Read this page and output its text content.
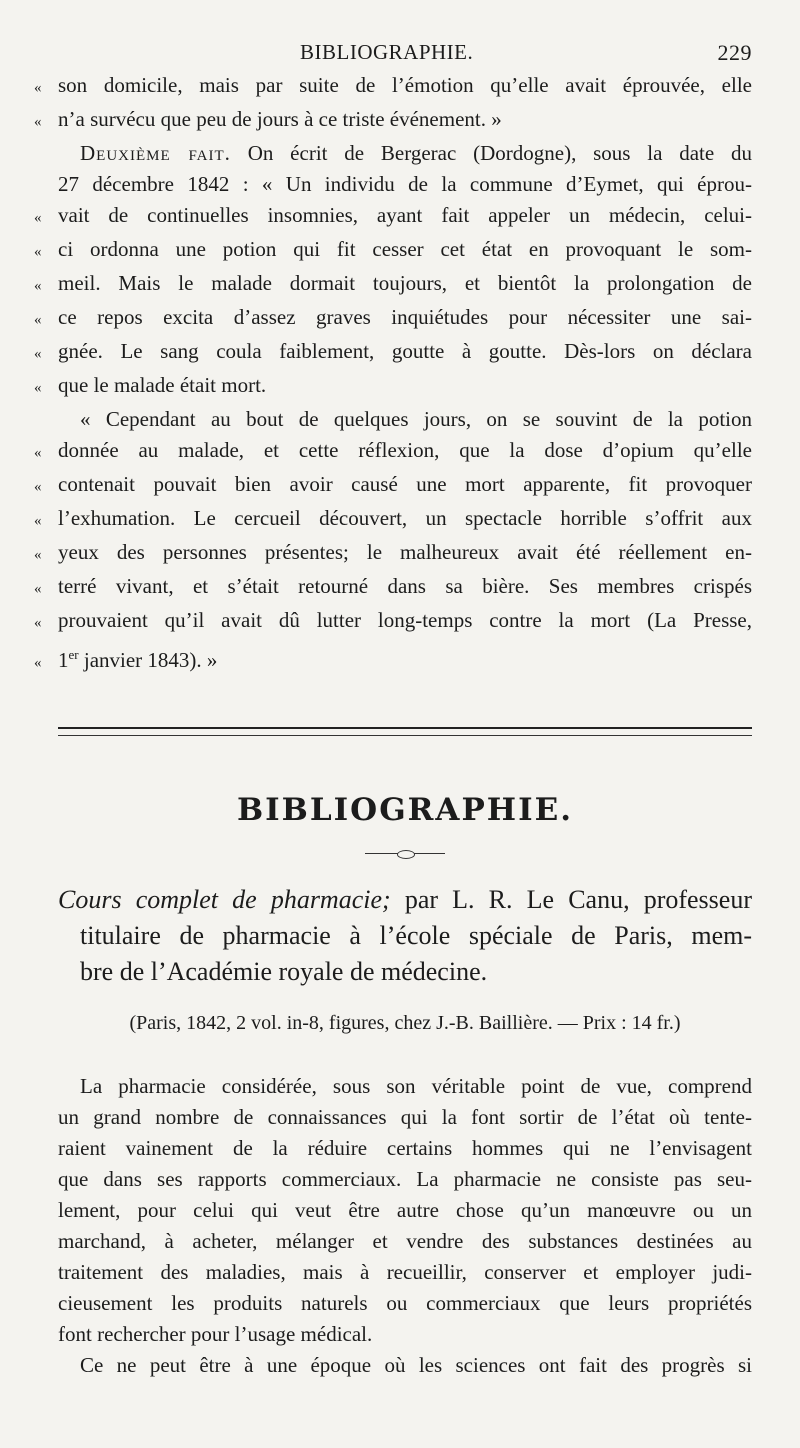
BIBLIOGRAPHIE.	229
« son domicile, mais par suite de l’émotion qu’elle avait éprouvée, elle
« n’a survécu que peu de jours à ce triste événement. »
Deuxième fait. On écrit de Bergerac (Dordogne), sous la date du
27 décembre 1842 : « Un individu de la commune d’Eymet, qui éprou-
« vait de continuelles insomnies, ayant fait appeler un médecin, celui-
« ci ordonna une potion qui fit cesser cet état en provoquant le som-
« meil. Mais le malade dormait toujours, et bientôt la prolongation de
« ce repos excita d’assez graves inquiétudes pour nécessiter une sai-
« gnée. Le sang coula faiblement, goutte à goutte. Dès-lors on déclara
« que le malade était mort.
« Cependant au bout de quelques jours, on se souvint de la potion
« donnée au malade, et cette réflexion, que la dose d’opium qu’elle
« contenait pouvait bien avoir causé une mort apparente, fit provoquer
« l’exhumation. Le cercueil découvert, un spectacle horrible s’offrit aux
« yeux des personnes présentes; le malheureux avait été réellement en-
« terré vivant, et s’était retourné dans sa bière. Ses membres crispés
« prouvaient qu’il avait dû lutter long-temps contre la mort (La Presse,
« 1er janvier 1843). »
BIBLIOGRAPHIE.
Cours complet de pharmacie; par L. R. Le Canu, professeur
titulaire de pharmacie à l’école spéciale de Paris, mem-
bre de l’Académie royale de médecine.
(Paris, 1842, 2 vol. in-8, figures, chez J.-B. Baillière. — Prix : 14 fr.)
La pharmacie considérée, sous son véritable point de vue, comprend
un grand nombre de connaissances qui la font sortir de l’état où tente-
raient vainement de la réduire certains hommes qui ne l’envisagent
que dans ses rapports commerciaux. La pharmacie ne consiste pas seu-
lement, pour celui qui veut être autre chose qu’un manœuvre ou un
marchand, à acheter, mélanger et vendre des substances destinées au
traitement des maladies, mais à recueillir, conserver et employer judi-
cieusement les produits naturels ou commerciaux que leurs propriétés
font rechercher pour l’usage médical.
Ce ne peut être à une époque où les sciences ont fait des progrès si
